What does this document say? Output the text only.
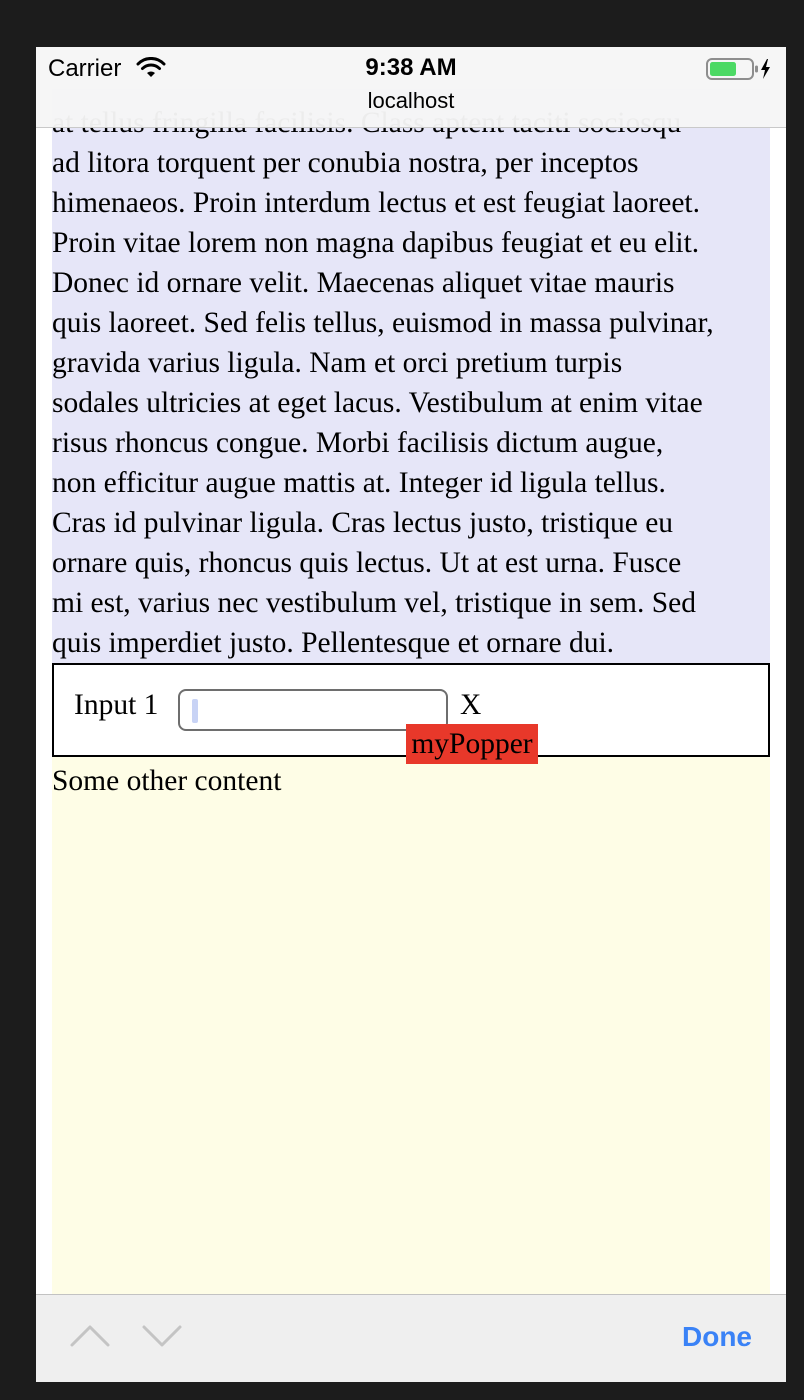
ad litora torquent per conubia nostra, per inceptos
himenaeos. Proin interdum lectus et est feugiat laoreet.
Proin vitae lorem non magna dapibus feugiat et eu elit.
Donec id ornare velit. Maecenas aliquet vitae mauris
quis laoreet. Sed felis tellus, euismod in massa pulvinar,
gravida varius ligula. Nam et orci pretium turpis
sodales ultricies at eget lacus. Vestibulum at enim vitae
risus rhoncus congue. Morbi facilisis dictum augue,
non efficitur augue mattis at. Integer id ligula tellus.
Cras id pulvinar ligula. Cras lectus justo, tristique eu
ornare quis, rhoncus quis lectus. Ut at est urna. Fusce
mi est, varius nec vestibulum vel, tristique in sem. Sed
quis imperdiet justo. Pellentesque et ornare dui.

Input 1	X
myPopper
Some other content
Carrier	9:38 AM
localhost
Done
